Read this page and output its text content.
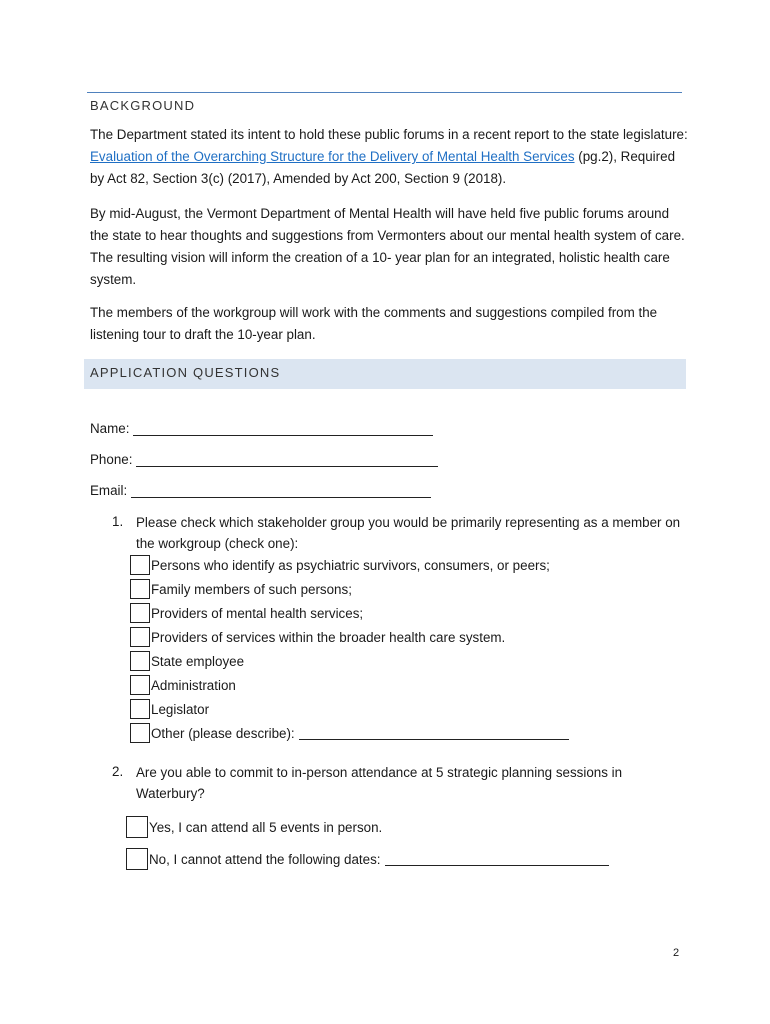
BACKGROUND

The Department stated its intent to hold these public forums in a recent report to the state legislature: Evaluation of the Overarching Structure for the Delivery of Mental Health Services (pg.2), Required by Act 82, Section 3(c) (2017), Amended by Act 200, Section 9 (2018).

By mid-August, the Vermont Department of Mental Health will have held five public forums around the state to hear thoughts and suggestions from Vermonters about our mental health system of care. The resulting vision will inform the creation of a 10- year plan for an integrated, holistic health care system.

The members of the workgroup will work with the comments and suggestions compiled from the listening tour to draft the 10-year plan.

APPLICATION QUESTIONS
Name:
Phone:
Email:
1. Please check which stakeholder group you would be primarily representing as a member on the workgroup (check one):

Persons who identify as psychiatric survivors, consumers, or peers;
Family members of such persons;
Providers of mental health services;
Providers of services within the broader health care system.
State employee
Administration
Legislator
Other (please describe):
2. Are you able to commit to in-person attendance at 5 strategic planning sessions in Waterbury?

Yes, I can attend all 5 events in person.
No, I cannot attend the following dates:
2
